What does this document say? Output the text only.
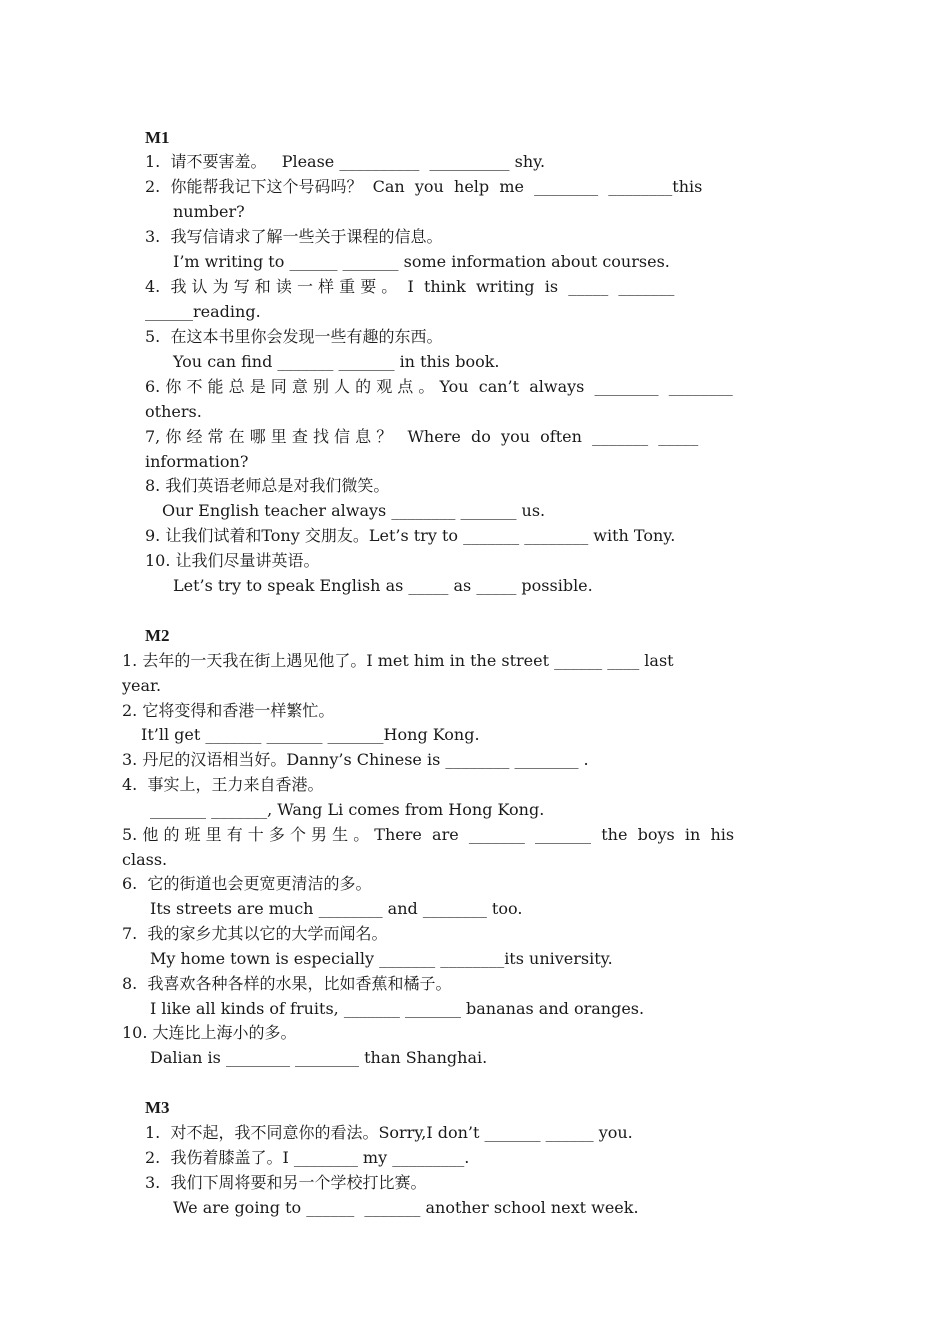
M1
1.  请不要害羞。   Please __________  __________ shy.
2.  你能帮我记下这个号码吗？  Can  you  help  me  ________  ________this
number?
3.  我写信请求了解一些关于课程的信息。
I’m writing to ______ _______ some information about courses.
4.  我 认 为 写 和 读 一 样 重 要 。  I  think  writing  is  _____  _______
______reading.
5.  在这本书里你会发现一些有趣的东西。
You can find _______ _______ in this book.
6. 你 不 能 总 是 同 意 别 人 的 观 点 。 You  can’t  always  ________  ________
others.
7, 你 经 常 在 哪 里 查 找 信 息 ？   Where  do  you  often  _______  _____
information?
8. 我们英语老师总是对我们微笑。
Our English teacher always ________ _______ us.
9. 让我们试着和Tony 交朋友。Let’s try to _______ ________ with Tony.
10. 让我们尽量讲英语。
Let’s try to speak English as _____ as _____ possible.
M2
1. 去年的一天我在街上遇见他了。I met him in the street ______ ____ last
year.
2. 它将变得和香港一样繁忙。
It’ll get _______ _______ _______Hong Kong.
3. 丹尼的汉语相当好。Danny’s Chinese is ________ ________ .
4.  事实上，王力来自香港。
_______ _______, Wang Li comes from Hong Kong.
5. 他 的 班 里 有 十 多 个 男 生 。 There  are  _______  _______  the  boys  in  his
class.
6.  它的街道也会更宽更清洁的多。
Its streets are much ________ and ________ too.
7.  我的家乡尤其以它的大学而闻名。
My home town is especially _______ ________its university.
8.  我喜欢各种各样的水果，比如香蕉和橘子。
I like all kinds of fruits, _______ _______ bananas and oranges.
10. 大连比上海小的多。
Dalian is ________ ________ than Shanghai.
M3
1.  对不起，我不同意你的看法。Sorry,I don’t _______ ______ you.
2.  我伤着膝盖了。I ________ my _________.
3.  我们下周将要和另一个学校打比赛。
We are going to ______  _______ another school next week.
